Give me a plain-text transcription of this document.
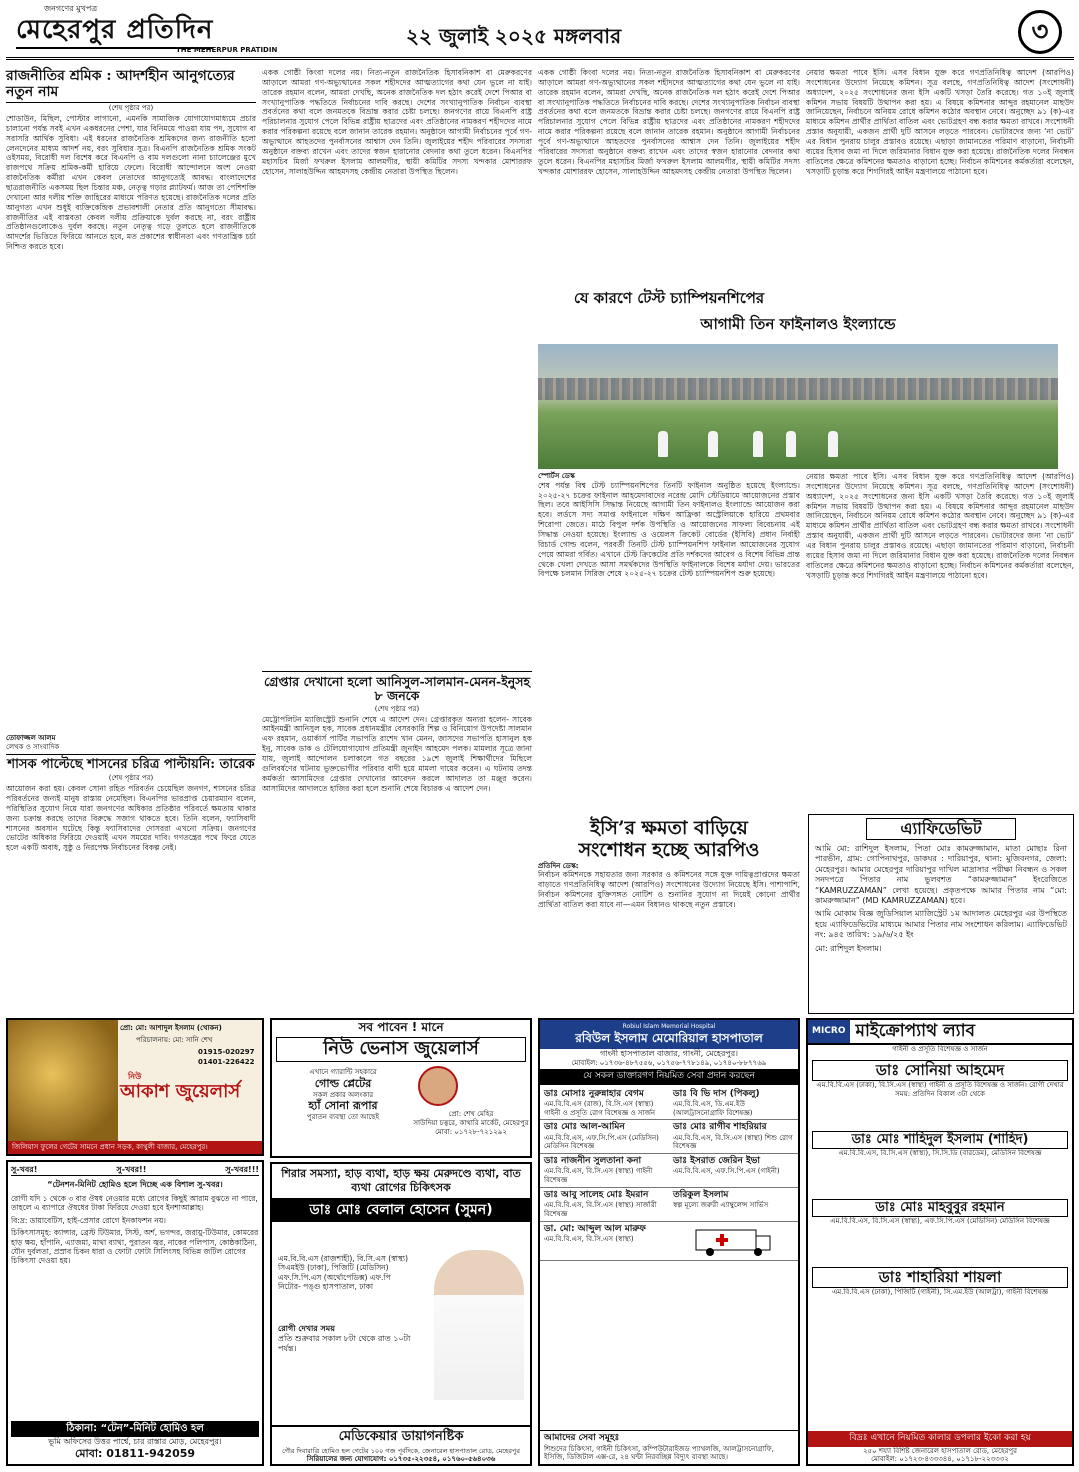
জনগণের মুখপত্র
মেহেরপুর প্রতিদিন
THE MEHERPUR PRATIDIN
২২ জুলাই ২০২৫ মঙ্গলবার	৩
রাজনীতির শ্রমিক : আদর্শহীন আনুগত্যের নতুন নাম
(শেষ পৃষ্ঠার পর)

শোডাউন, মিছিল, পোস্টার লাগানো, এমনকি সামাজিক যোগাযোগমাধ্যমে প্রচার চালানো পর্যন্ত সবই এখন একধরনের পেশা, যার বিনিময়ে পাওয়া যায় পদ, সুযোগ বা সরাসরি আর্থিক সুবিধা। এই ধরনের রাজনৈতিক শ্রমিকদের জন্য রাজনীতি হলো লেনদেনের মাধ্যম আদর্শ নয়, বরং সুবিধার সুত্র। বিএনপি রাজনৈতিক শ্রমিক সংকট ওইসময়, বিরোধী দল বিশেষ করে বিএনপি ও বাম দলগুলো নানা চ্যালেঞ্জের মুখে রাজপথে সক্রিয় শ্রমিক-কর্মী হারিয়ে ফেলে। বিরোধী আন্দোলনে অংশ নেওয়া রাজনৈতিক কর্মীরা এখন কেবল নেতাদের আনুগত্যেই আবদ্ধ। বাংলাদেশের ছাত্ররাজনীতি একসময় ছিল চিন্তার মঞ্চ, নেতৃত্ব গড়ার প্ল্যাটফর্ম। আজ তা পেশিশক্তি দেখানো আর দলীয় শক্তি জাহিরের মাধ্যমে পরিণত হয়েছে। রাজনৈতিক দলের প্রতি আনুগত্য এখন শুধুই ব্যক্তিকেন্দ্রিক প্রভাবশালী নেতার প্রতি আনুগত্যে সীমাবদ্ধ। রাজনীতির এই বাস্তবতা কেবল দলীয় প্রক্রিয়াকে দুর্বল করছে না, বরং রাষ্ট্রীয় প্রতিষ্ঠানগুলোকেও দুর্বল করছে। নতুন নেতৃত্ব গড়ে তুলতে হলে রাজনীতিকে আদর্শের ভিত্তিতে ফিরিয়ে আনতে হবে, মত প্রকাশের স্বাধীনতা এবং গণতান্ত্রিক চর্চা নিশ্চিত করতে হবে।

তোফাজ্জল আলম
লেখক ও সাংবাদিক
শাসক পাল্টেছে শাসনের চরিত্র পাল্টায়নি: তারেক
(শেষ পৃষ্ঠার পর)

আয়োজন করা হয়। কেবল সোনা রহিত পরিবর্তন চেয়েছিল জনগণ, শাসনের চরিত্র পরিবর্তনের জন্যই মানুষ রাস্তায় নেমেছিল। বিএনপির ভারপ্রাপ্ত চেয়ারম্যান বলেন, পরিস্থিতির সুযোগ নিয়ে যারা জনগণের অধিকার প্রতিষ্ঠার পরিবর্তে ক্ষমতায় থাকার জন্য চক্রান্ত করছে তাদের বিরুদ্ধে সজাগ থাকতে হবে। তিনি বলেন, ফ্যাসিবাদী শাসনের অবসান ঘটেছে কিন্তু ফ্যাসিবাদের দোসররা এখনো সক্রিয়। জনগণের ভোটের অধিকার ফিরিয়ে দেওয়াই এখন সময়ের দাবি। গণতন্ত্রের পথে ফিরে যেতে হলে একটি অবাধ, সুষ্ঠু ও নিরপেক্ষ নির্বাচনের বিকল্প নেই।

একক গোষ্ঠী কিংবা দলের নয়। নিত্য-নতুন রাজনৈতিক হিসাবনিকাশ বা মেরুকরণের আড়ালে আমরা গণ-অভ্যুত্থানের সকল শহীদদের আত্মত্যাগের কথা যেন ভুলে না যাই। তারেক রহমান বলেন, আমরা দেখছি, অনেক রাজনৈতিক দল হঠাৎ করেই দেশে পিআর বা সংখ্যানুপাতিক পদ্ধতিতে নির্বাচনের দাবি করছে। দেশের সংখ্যানুপাতিক নির্বাচন ব্যবস্থা প্রবর্তনের কথা বলে জনমতকে বিভ্রান্ত করার চেষ্টা চলছে। জনগণের রায়ে বিএনপি রাষ্ট্র পরিচালনার সুযোগ পেলে বিভিন্ন রাষ্ট্রীয় ছাত্রদের এবং প্রতিষ্ঠানের নামকরণ শহীদদের নামে করার পরিকল্পনা রয়েছে বলে জানান তারেক রহমান। অনুষ্ঠানে আগামী নির্বাচনের পূর্বে গণ-অভ্যুত্থানে আহতদের পুনর্বাসনের আশ্বাস দেন তিনি। জুলাইয়ের শহীদ পরিবারের সদস্যরা অনুষ্ঠানে বক্তব্য রাখেন এবং তাদের স্বজন হারানোর বেদনার কথা তুলে ধরেন। বিএনপির মহাসচিব মির্জা ফখরুল ইসলাম আলমগীর, স্থায়ী কমিটির সদস্য খন্দকার মোশাররফ হোসেন, সালাহউদ্দিন আহমদসহ কেন্দ্রীয় নেতারা উপস্থিত ছিলেন।

গ্রেপ্তার দেখানো হলো আনিসুল-সালমান-মেনন-ইনুসহ ৮ জনকে
(শেষ পৃষ্ঠার পর)

মেট্রোপলিটন ম্যাজিস্ট্রেট শুনানি শেষে এ আদেশ দেন। গ্রেপ্তারকৃত অন্যরা হলেন- সাবেক আইনমন্ত্রী আনিসুল হক, সাবেক প্রধানমন্ত্রীর বেসরকারি শিল্প ও বিনিয়োগ উপদেষ্টা সালমান এফ রহমান, ওয়ার্কার্স পার্টির সভাপতি রাশেদ খান মেনন, জাসদের সভাপতি হাসানুল হক ইনু, সাবেক ডাক ও টেলিযোগাযোগ প্রতিমন্ত্রী জুনাইদ আহমেদ পলক। মামলার সূত্রে জানা যায়, জুলাই আন্দোলন চলাকালে গত বছরের ১৯শে জুলাই শিক্ষার্থীদের মিছিলে গুলিবর্ষণের ঘটনায় ভুক্তভোগীর পরিবার বাদী হয়ে মামলা দায়ের করেন। এ ঘটনায় তদন্ত কর্মকর্তা আসামিদের গ্রেপ্তার দেখানোর আবেদন করলে আদালত তা মঞ্জুর করেন। আসামিদের আদালতে হাজির করা হলে শুনানি শেষে বিচারক এ আদেশ দেন।

একক গোষ্ঠী কিংবা দলের নয়। নিত্য-নতুন রাজনৈতিক হিসাবনিকাশ বা মেরুকরণের আড়ালে আমরা গণ-অভ্যুত্থানের সকল শহীদদের আত্মত্যাগের কথা যেন ভুলে না যাই। তারেক রহমান বলেন, আমরা দেখছি, অনেক রাজনৈতিক দল হঠাৎ করেই দেশে পিআর বা সংখ্যানুপাতিক পদ্ধতিতে নির্বাচনের দাবি করছে। দেশের সংখ্যানুপাতিক নির্বাচন ব্যবস্থা প্রবর্তনের কথা বলে জনমতকে বিভ্রান্ত করার চেষ্টা চলছে। জনগণের রায়ে বিএনপি রাষ্ট্র পরিচালনার সুযোগ পেলে বিভিন্ন রাষ্ট্রীয় ছাত্রদের এবং প্রতিষ্ঠানের নামকরণ শহীদদের নামে করার পরিকল্পনা রয়েছে বলে জানান তারেক রহমান। অনুষ্ঠানে আগামী নির্বাচনের পূর্বে গণ-অভ্যুত্থানে আহতদের পুনর্বাসনের আশ্বাস দেন তিনি। জুলাইয়ের শহীদ পরিবারের সদস্যরা অনুষ্ঠানে বক্তব্য রাখেন এবং তাদের স্বজন হারানোর বেদনার কথা তুলে ধরেন। বিএনপির মহাসচিব মির্জা ফখরুল ইসলাম আলমগীর, স্থায়ী কমিটির সদস্য খন্দকার মোশাররফ হোসেন, সালাহউদ্দিন আহমদসহ কেন্দ্রীয় নেতারা উপস্থিত ছিলেন।

যে কারণে টেস্ট চ্যাম্পিয়নশিপের
আগামী তিন ফাইনালও ইংল্যান্ডে
স্পোর্টস ডেস্ক

শেষ পর্যন্ত বিশ্ব টেস্ট চ্যাম্পিয়নশিপের তিনটি ফাইনাল অনুষ্ঠিত হয়েছে ইংল্যান্ডে। ২০২৫-২৭ চক্রের ফাইনাল আহমেদাবাদের নরেন্দ্র মোদি স্টেডিয়ামে আয়োজনের প্রস্তাব ছিল। তবে আইসিসি সিদ্ধান্ত নিয়েছে আগামী তিন ফাইনালও ইংল্যান্ডে আয়োজন করা হবে। লর্ডসে সদ্য সমাপ্ত ফাইনালে দক্ষিণ আফ্রিকা অস্ট্রেলিয়াকে হারিয়ে প্রথমবার শিরোপা জেতে। মাঠে বিপুল দর্শক উপস্থিতি ও আয়োজনের সাফল্য বিবেচনায় এই সিদ্ধান্ত নেওয়া হয়েছে। ইংল্যান্ড ও ওয়েলস ক্রিকেট বোর্ডের (ইসিবি) প্রধান নির্বাহী রিচার্ড গোল্ড বলেন, পরবর্তী তিনটি টেস্ট চ্যাম্পিয়নশিপ ফাইনাল আয়োজনের সুযোগ পেয়ে আমরা গর্বিত। এখানে টেস্ট ক্রিকেটের প্রতি দর্শকদের আবেগ ও বিশেষ বিভিন্ন প্রান্ত থেকে খেলা দেখতে আসা সমর্থকদের উপস্থিতি ফাইনালকে বিশেষ মর্যাদা দেয়। ভারতের বিপক্ষে চলমান সিরিজ শেষে ২০২৫-২৭ চক্রের টেস্ট চ্যাম্পিয়নশিপ শুরু হয়েছে।

ইসি’র ক্ষমতা বাড়িয়ে
সংশোধন হচ্ছে আরপিও
প্রতিদিন ডেস্ক:

নির্বাচন কমিশনকে সহায়তার জন্য সরকার ও কমিশনের সঙ্গে যুক্ত দায়িত্বপ্রাপ্তদের ক্ষমতা বাড়াতে গণপ্রতিনিধিত্ব আদেশ (আরপিও) সংশোধনের উদ্যোগ নিয়েছে ইসি। পাশাপাশি, নির্বাচন কমিশনের যুক্তিসঙ্গত নোটিশ ও শুনানির সুযোগ না দিয়েই কোনো প্রার্থীর প্রার্থিতা বাতিল করা যাবে না—এমন বিধানও থাকছে নতুন প্রস্তাবে।

নেয়ার ক্ষমতা পাবে ইসি। এসব বিধান যুক্ত করে গণপ্রতিনিধিত্ব আদেশ (আরপিও) সংশোধনের উদ্যোগ নিয়েছে কমিশন। সূত্র বলছে, গণপ্রতিনিধিত্ব আদেশ (সংশোধনী) অধ্যাদেশ, ২০২৫ সংশোধনের জন্য ইসি একটি খসড়া তৈরি করেছে। গত ১০ই জুলাই কমিশন সভায় বিষয়টি উত্থাপন করা হয়। এ বিষয়ে কমিশনার আব্দুর রহমানেল মাছউদ জানিয়েছেন, নির্বাচনে অনিয়ম রোধে কমিশন কঠোর অবস্থান নেবে। অনুচ্ছেদ ৯১ (ক)-এর মাধ্যমে কমিশন প্রার্থীর প্রার্থিতা বাতিল এবং ভোটগ্রহণ বন্ধ করার ক্ষমতা রাখবে। সংশোধনী প্রস্তাব অনুযায়ী, একজন প্রার্থী দুটি আসনে লড়তে পারবেন। ভোটারদের জন্য ‘না ভোট’ এর বিধান পুনরায় চালুর প্রস্তাবও রয়েছে। এছাড়া জামানতের পরিমাণ বাড়ানো, নির্বাচনী ব্যয়ের হিসাব জমা না দিলে জরিমানার বিধান যুক্ত করা হয়েছে। রাজনৈতিক দলের নিবন্ধন বাতিলের ক্ষেত্রে কমিশনের ক্ষমতাও বাড়ানো হচ্ছে। নির্বাচন কমিশনের কর্মকর্তারা বলেছেন, খসড়াটি চূড়ান্ত করে শিগগিরই আইন মন্ত্রণালয়ে পাঠানো হবে।

নেয়ার ক্ষমতা পাবে ইসি। এসব বিধান যুক্ত করে গণপ্রতিনিধিত্ব আদেশ (আরপিও) সংশোধনের উদ্যোগ নিয়েছে কমিশন। সূত্র বলছে, গণপ্রতিনিধিত্ব আদেশ (সংশোধনী) অধ্যাদেশ, ২০২৫ সংশোধনের জন্য ইসি একটি খসড়া তৈরি করেছে। গত ১০ই জুলাই কমিশন সভায় বিষয়টি উত্থাপন করা হয়। এ বিষয়ে কমিশনার আব্দুর রহমানেল মাছউদ জানিয়েছেন, নির্বাচনে অনিয়ম রোধে কমিশন কঠোর অবস্থান নেবে। অনুচ্ছেদ ৯১ (ক)-এর মাধ্যমে কমিশন প্রার্থীর প্রার্থিতা বাতিল এবং ভোটগ্রহণ বন্ধ করার ক্ষমতা রাখবে। সংশোধনী প্রস্তাব অনুযায়ী, একজন প্রার্থী দুটি আসনে লড়তে পারবেন। ভোটারদের জন্য ‘না ভোট’ এর বিধান পুনরায় চালুর প্রস্তাবও রয়েছে। এছাড়া জামানতের পরিমাণ বাড়ানো, নির্বাচনী ব্যয়ের হিসাব জমা না দিলে জরিমানার বিধান যুক্ত করা হয়েছে। রাজনৈতিক দলের নিবন্ধন বাতিলের ক্ষেত্রে কমিশনের ক্ষমতাও বাড়ানো হচ্ছে। নির্বাচন কমিশনের কর্মকর্তারা বলেছেন, খসড়াটি চূড়ান্ত করে শিগগিরই আইন মন্ত্রণালয়ে পাঠানো হবে।

এ্যাফিডেভিট

আমি মো: রাশিদুল ইসলাম, পিতা মোঃ কামরুজ্জামান, মাতা মোছাঃ রিনা পারভীন, গ্রাম: গোপিনাথপুর, ডাকঘর : দারিয়াপুর, থানা: মুজিবনগর, জেলা: মেহেরপুর। আমার মেহেরপুর দারিয়াপুর দাখিল মাদ্রাসার পরীক্ষা নিবন্ধন ও সকল সনদপত্রে পিতার নাম ভুলবশত “কামরুজ্জামান” ইংরেজিতে “KAMRUZZAMAN” লেখা হয়েছে। প্রকৃতপক্ষে আমার পিতার নাম “মো: কামরুজ্জামান” (MD KAMRUZZAMAN) হবে।

আমি মোকাম বিজ্ঞ জুডিসিয়াল ম্যাজিস্ট্রেট ১ম আদালত মেহেরপুর এর উপস্থিতে হয়ে এ্যাফিডেভিটের মাধ্যমে আমার পিতার নাম সংশোধন করিলাম। এ্যাফিডেভিট নং: ৯৪৫ তারিখ: ১৯/৬/২৫ ইং

মো: রাশিদুল ইসলাম।
প্রো: মো: আশাদুল ইসলাম (খোকন)
পরিচালনায়: মো: সানি শেখ
01915-020297
01401-226422
নিউ
আকাশ জুয়েলার্স
জিলিয়াস ফুলের গেটের সামনে প্রধান সড়ক, কাথুলী বাজার, মেহেরপুর।
সব পাবেন ! মানে
নিউ ভেনাস জুয়েলার্স
এখানে গ্যারান্টি সহকারে
গোল্ড প্লেটের
সকল প্রকার অলংকার
হ্যাঁ সোনা রূপার
পুরাতন ব্যবস্থা তো আছেই	প্রো: শেখ মেহির
সাউদিয়া চত্বরে, কাথারি মার্কেট, মেহেরপুর
মোবা: ০১৭২৮-৭২১২৯২
সু-খবর!	সু-খবর!!	সু-খবর!!!
“টেনশন-মিনিট হোমিও হলে দিচ্ছে এক বিশাল সু-খবর।

রোগী যদি ১ থেকে ৩ বার ঔষধ নেওয়ার মধ্যে রোগের কিছুই আরাম বুঝতে না পারে, তাহলে এ ব্যাপারে ঔষধের টাকা ফিরিয়ে দেওয়া হবে ইনশাআল্লাহ।

বি:দ্র: ডায়াবেটিস, হাই-প্রেসার রোগে ইনকাফশন নয়।

চিকিৎসাসমূহ: ক্যান্সার, ব্রেস্ট টিউমার, সিস্ট, অর্শ, ভগন্দর, জরায়ু-টিউমার, কোমরের হাড় ক্ষয়, হাঁপানি, এ্যাজমা, মাথা ব্যাথা, পুরাতন জ্বর, নাকের পলিপাস, কোষ্ঠকাঠিন্য, যৌন দুর্বলতা, প্রস্রাব চিকন ধারা ও ফোটা ফোটা সিলিংসহ বিভিন্ন জটিল রোগের চিকিৎসা দেওয়া হয়।

ঠিকানা: “টেন”-মিনিট হোমিও হল
ভূমি অফিসের উত্তর পার্শ্বে, চার রাস্তার মোড়, মেহেরপুর।
মোবা: 01811-942059
শিরার সমস্যা, হাড় ব্যথা, হাড় ক্ষয় মেরুদণ্ডে ব্যথা, বাত ব্যথা রোগের চিকিৎসক
ডাঃ মোঃ বেলাল হোসেন (সুমন)
এম.বি.বি.এস (রাজশাহী), বি.সি.এস (স্বাস্থ্য)
সিএমইউ (ঢাকা), পিজিটি (মেডিসিন)
এফ.সি.পি.এস (অর্থোপেডিক্স) এফ.পি
নিটোর- পঙ্গু হাসপাতাল, ঢাকা
রোগী দেখার সময়
প্রতি শুক্রবার সকাল ৮টা থেকে রাত ১০টা পর্যন্ত।
মেডিকেয়ার ডায়াগনষ্টিক
গৌর দিবারাত্রি হোমিও হল গেটের ১০০ গজ পূর্বদিকে, জেনারেল হাসপাতাল রোড, মেহেরপুর
সিরিয়ালের জন্য যোগাযোগ: ০১৭৩৫-২২৩৫৪, ০১৭৬০-৫৬৪০৩৬
Robiul Islam Memorial Hospital
রবিউল ইসলাম মেমোরিয়াল হাসপাতাল
গাংনী হাসপাতাল বাজার, গাংনী, মেহেরপুর।
মোবাইল: ০১৭৩৬-৪৮৭৫৫৬, ০১৭৫৬-৭৭৮১৪৯, ০১৭৪০-৮৮৭৭৬৯
যে সকল ডাক্তারগণ নিয়মিত সেবা প্রদান করছেন
ডাঃ মোসাঃ নুরুন্নাহার বেগম
এম.বি.বি.এস (রাজ), বি.সি.এস (স্বাস্থ্য) গাইনী ও প্রসূতি রোগ বিশেষজ্ঞ ও সার্জন
ডাঃ বি ভি দাস (পিকলু)
এম.বি.বি.এস, ডি.এম.ইউ (আলট্রাসনোগ্রাফি বিশেষজ্ঞ)
ডাঃ মোঃ আল-আমিন
এম.বি.বি.এস, এফ.সি.পি.এস (মেডিসিন) মেডিসিন বিশেষজ্ঞ
ডাঃ মোঃ রাগীব শাহরিয়ার
এম.বি.বি.এস, বি.সি.এস (স্বাস্থ্য) শিশু রোগ বিশেষজ্ঞ
ডাঃ নাজনীন সুলতানা কনা
এম.বি.বি.এস, বি.সি.এস (স্বাস্থ্য) গাইনী বিশেষজ্ঞ
ডাঃ ইসরাত জেরিন ইভা
এম.বি.বি.এস, এফ.সি.পি.এস (গাইনী)
ডাঃ আবু সালেহ মোঃ ইমরান
এম.বি.বি.এস, বি.সি.এস (স্বাস্থ্য) সার্জারী বিশেষজ্ঞ
তরিকুল ইসলাম
স্বল্প মূল্যে জরুরী এ্যাম্বুলেন্স সার্ভিস
ডা. মো: আব্দুল আল মারুফ
এম.বি.বি.এস, বি.সি.এস (স্বাস্থ্য)
আমাদের সেবা সমূহঃ
শিশুদের চিকিৎসা, গাইনী চিকিৎসা, কম্পিউটারাইজড প্যাথলজি, আলট্রাসনোগ্রাফি, ইসিজি, ডিজিটাল এক্স-রে, ২৪ ঘন্টা নিরবচ্ছিন্ন বিদ্যুৎ ব্যবস্থা আছে।
MICRO মাইক্রোপ্যাথ ল্যাব
গাইনী ও প্রসূতি বিশেষজ্ঞ ও সার্জন
ডাঃ সোনিয়া আহমেদ
এম.বি.বি.এস (ঢাকা), বি.সি.এস (স্বাস্থ্য) গাইনী ও প্রসূতি বিশেষজ্ঞ ও সার্জন। রোগী দেখার সময়: প্রতিদিন বিকাল ৩টা থেকে
ডাঃ মোঃ শাহিদুল ইসলাম (শাহিদ)
এম.বি.বি.এস, বি.সি.এস (স্বাস্থ্য), সি.সি.ডি (বারডেম), মেডিসিন বিশেষজ্ঞ
ডাঃ মোঃ মাহবুবুর রহমান
এম.বি.বি.এস, বি.সি.এস (স্বাস্থ্য), এফ.সি.পি.এস (মেডিসিন) মেডিসিন বিশেষজ্ঞ
ডাঃ শাহারিয়া শায়লা
এম.বি.বি.এস (ঢাকা), পিজিটি (গাইনী), সি.এম.ইউ (আলট্রা), গাইনী বিশেষজ্ঞ
বিদ্রঃ এখানে নিয়মিত কালার ডপলার ইকো করা হয়
২৫০ শয্যা বিশিষ্ট জেনারেল হাসপাতাল রোড, মেহেরপুর
মোবাইল: ০১৭২৩-৪৩৩৩৪৪, ০১৭১৮-২২৩৩৩২
